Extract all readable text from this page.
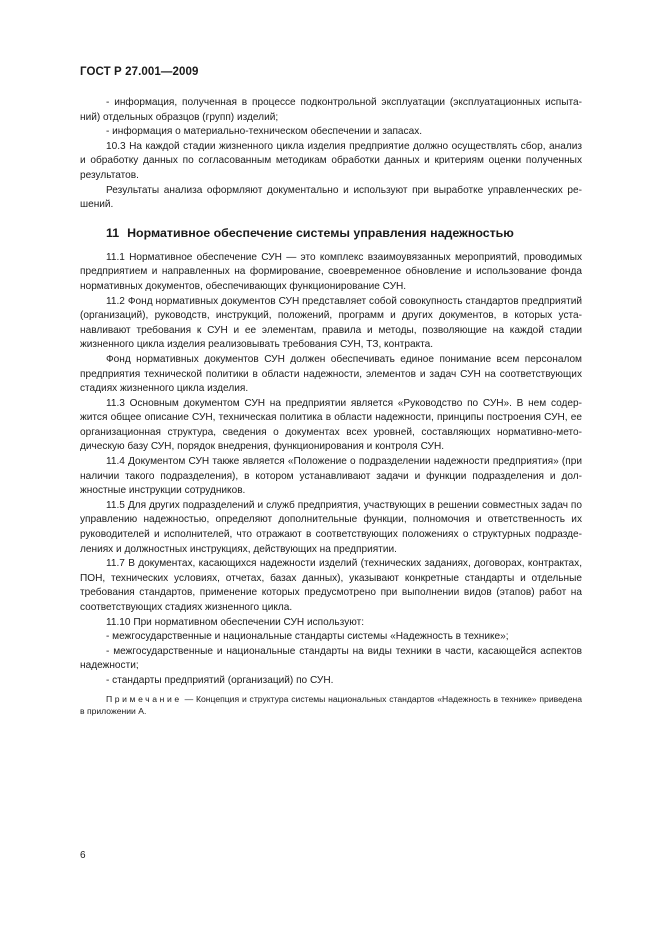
ГОСТ Р 27.001—2009

- информация, полученная в процессе подконтрольной эксплуатации (эксплуатационных испытаний) отдельных образцов (групп) изделий;

- информация о материально-техническом обеспечении и запасах.

10.3 На каждой стадии жизненного цикла изделия предприятие должно осуществлять сбор, анализ и обработку данных по согласованным методикам обработки данных и критериям оценки полученных результатов.

Результаты анализа оформляют документально и используют при выработке управленческих решений.

11 Нормативное обеспечение системы управления надежностью

11.1 Нормативное обеспечение СУН — это комплекс взаимоувязанных мероприятий, проводимых предприятием и направленных на формирование, своевременное обновление и использование фонда нормативных документов, обеспечивающих функционирование СУН.

11.2 Фонд нормативных документов СУН представляет собой совокупность стандартов предприятий (организаций), руководств, инструкций, положений, программ и других документов, в которых устанавливают требования к СУН и ее элементам, правила и методы, позволяющие на каждой стадии жизненного цикла изделия реализовывать требования СУН, ТЗ, контракта.

Фонд нормативных документов СУН должен обеспечивать единое понимание всем персоналом предприятия технической политики в области надежности, элементов и задач СУН на соответствующих стадиях жизненного цикла изделия.

11.3 Основным документом СУН на предприятии является «Руководство по СУН». В нем содержится общее описание СУН, техническая политика в области надежности, принципы построения СУН, ее организационная структура, сведения о документах всех уровней, составляющих нормативно-методическую базу СУН, порядок внедрения, функционирования и контроля СУН.

11.4 Документом СУН также является «Положение о подразделении надежности предприятия» (при наличии такого подразделения), в котором устанавливают задачи и функции подразделения и должностные инструкции сотрудников.

11.5 Для других подразделений и служб предприятия, участвующих в решении совместных задач по управлению надежностью, определяют дополнительные функции, полномочия и ответственность их руководителей и исполнителей, что отражают в соответствующих положениях о структурных подразделениях и должностных инструкциях, действующих на предприятии.

11.7 В документах, касающихся надежности изделий (технических заданиях, договорах, контрактах, ПОН, технических условиях, отчетах, базах данных), указывают конкретные стандарты и отдельные требования стандартов, применение которых предусмотрено при выполнении видов (этапов) работ на соответствующих стадиях жизненного цикла.

11.10 При нормативном обеспечении СУН используют:

- межгосударственные и национальные стандарты системы «Надежность в технике»;

- межгосударственные и национальные стандарты на виды техники в части, касающейся аспектов надежности;

- стандарты предприятий (организаций) по СУН.

Примечание — Концепция и структура системы национальных стандартов «Надежность в технике» приведена в приложении А.

6
